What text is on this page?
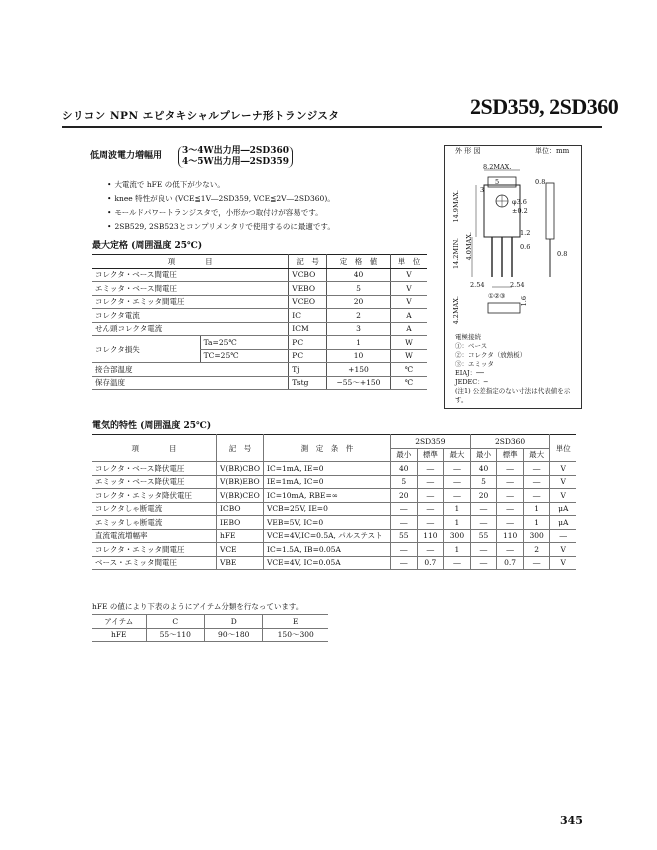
シリコン NPN エピタキシャルプレーナ形トランジスタ	2SD359, 2SD360
低周波電力増幅用 3～4W出力用―2SD360
4～5W出力用―2SD359
• 大電流で hFE の低下が少ない。
• knee 特性が良い (VCE≦1V―2SD359, VCE≦2V―2SD360)。
• モールドパワートランジスタで，小形かつ取付けが容易です。
• 2SB529, 2SB523とコンプリメンタリで使用するのに最適です。
最大定格 (周囲温度 25℃)
項　　　　目		記　号	定　格　値	単　位
コレクタ・ベース間電圧		VCBO	40	V
エミッタ・ベース間電圧		VEBO	5	V
コレクタ・エミッタ間電圧		VCEO	20	V
コレクタ電流		IC	2	A
せん頭コレクタ電流		ICM	3	A
コレクタ損失	Ta=25℃	PC	1	W
	TC=25℃	PC	10	W
接合部温度		Tj	+150	℃
保存温度		Tstg	−55～+150	℃
外 形 図	単位：mm
8.2MAX.
5
3
0.8
14.9MAX.	φ3.6 ±0.2
1.2
0.6
14.2MIN. 4.0MAX.	0.8
2.54	2.54
4.2MAX.	1.6
①②③
電極接続
①：ベース
②：コレクタ（放熱板）
③：エミッタ
EIAJ：──
JEDEC：─
(注1) 公差指定のない寸法は代表値を示す。
電気的特性 (周囲温度 25℃)
項　　　　目	記　号	測　定　条　件	2SD359			2SD360			単位
			最小	標準	最大	最小	標準	最大	
コレクタ・ベース降伏電圧	V(BR)CBO	IC=1mA, IE=0	40	―	―	40	―	―	V
エミッタ・ベース降伏電圧	V(BR)EBO	IE=1mA, IC=0	5	―	―	5	―	―	V
コレクタ・エミッタ降伏電圧	V(BR)CEO	IC=10mA, RBE=∞	20	―	―	20	―	―	V
コレクタしゃ断電流	ICBO	VCB=25V, IE=0	―	―	1	―	―	1	μA
エミッタしゃ断電流	IEBO	VEB=5V, IC=0	―	―	1	―	―	1	μA
直流電流増幅率	hFE	VCE=4V,IC=0.5A, パルステスト	55	110	300	55	110	300	―
コレクタ・エミッタ間電圧	VCE	IC=1.5A, IB=0.05A	―	―	1	―	―	2	V
ベース・エミッタ間電圧	VBE	VCE=4V, IC=0.05A	―	0.7	―	―	0.7	―	V
hFE の値により下表のようにアイテム分類を行なっています。
アイテム	C	D	E
hFE	55～110	90～180	150～300
345
